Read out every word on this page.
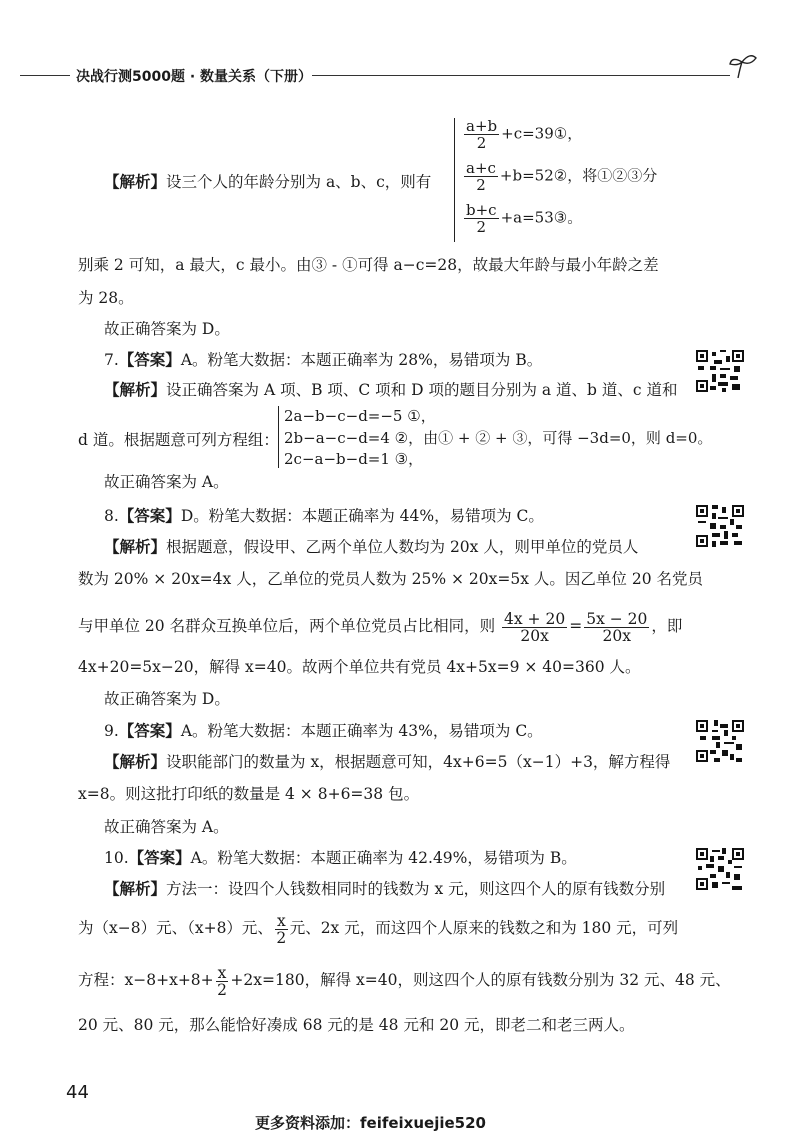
决战行测5000题 · 数量关系（下册）
$\frac{a+b}{2}$ +c=39①，
$\frac{a+c}{2}$ +b=52②，将①②③分
$\frac{b+c}{2}$ +a=53③。
【解析】设三个人的年龄分别为 a、b、c，则有
别乘 2 可知，a 最大，c 最小。由③ - ①可得 a−c=28，故最大年龄与最小年龄之差
为 28。
故正确答案为 D。
7.【答案】A。粉笔大数据：本题正确率为 28%，易错项为 B。
【解析】设正确答案为 A 项、B 项、C 项和 D 项的题目分别为 a 道、b 道、c 道和
d 道。根据题意可列方程组：
2a−b−c−d=−5 ①，
2b−a−c−d=4 ②，由① + ② + ③，可得 −3d=0，则 d=0。
2c−a−b−d=1 ③，
故正确答案为 A。
8.【答案】D。粉笔大数据：本题正确率为 44%，易错项为 C。
【解析】根据题意，假设甲、乙两个单位人数均为 20x 人，则甲单位的党员人
数为 20% × 20x=4x 人，乙单位的党员人数为 25% × 20x=5x 人。因乙单位 20 名党员
与甲单位 20 名群众互换单位后，两个单位党员占比相同，则 $\frac{4x + 20}{20x} = \frac{5x - 20}{20x}$ ，即
4x+20=5x−20，解得 x=40。故两个单位共有党员 4x+5x=9 × 40=360 人。
故正确答案为 D。
9.【答案】A。粉笔大数据：本题正确率为 43%，易错项为 C。
【解析】设职能部门的数量为 x，根据题意可知，4x+6=5（x−1）+3，解方程得
x=8。则这批打印纸的数量是 4 × 8+6=38 包。
故正确答案为 A。
10.【答案】A。粉笔大数据：本题正确率为 42.49%，易错项为 B。
【解析】方法一：设四个人钱数相同时的钱数为 x 元，则这四个人的原有钱数分别
为（x−8）元、（x+8）元、 $\frac{x}{2}$ 元、2x 元，而这四个人原来的钱数之和为 180 元，可列
方程：$x-8+x+8+ \frac{x}{2} +2x=180$，解得 x=40，则这四个人的原有钱数分别为 32 元、48 元、
20 元、80 元，那么能恰好凑成 68 元的是 48 元和 20 元，即老二和老三两人。
44
更多资料添加：feifeixuejie520
